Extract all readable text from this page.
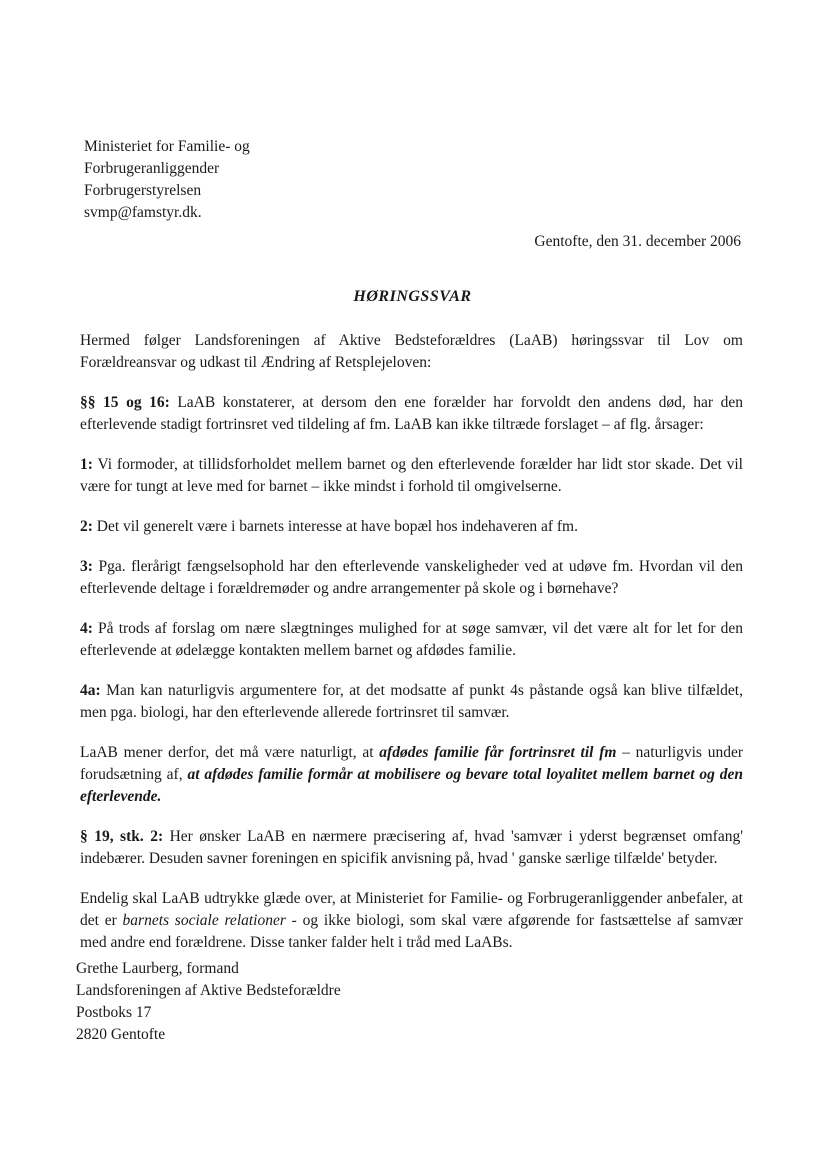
Ministeriet for Familie- og
Forbrugeranliggender
Forbrugerstyrelsen
svmp@famstyr.dk.
Gentofte, den 31. december 2006
HØRINGSSVAR

Hermed følger Landsforeningen af Aktive Bedsteforældres (LaAB) høringssvar til Lov om Forældreansvar og udkast til Ændring af Retsplejeloven:

§§ 15 og 16: LaAB konstaterer, at dersom den ene forælder har forvoldt den andens død, har den efterlevende stadigt fortrinsret ved tildeling af fm. LaAB kan ikke tiltræde forslaget – af flg. årsager:

1: Vi formoder, at tillidsforholdet mellem barnet og den efterlevende forælder har lidt stor skade. Det vil være for tungt at leve med for barnet – ikke mindst i forhold til omgivelserne.

2: Det vil generelt være i barnets interesse at have bopæl hos indehaveren af fm.

3: Pga. flerårigt fængselsophold har den efterlevende vanskeligheder ved at udøve fm. Hvordan vil den efterlevende deltage i forældremøder og andre arrangementer på skole og i børnehave?

4: På trods af forslag om nære slægtninges mulighed for at søge samvær, vil det være alt for let for den efterlevende at ødelægge kontakten mellem barnet og afdødes familie.

4a: Man kan naturligvis argumentere for, at det modsatte af punkt 4s påstande også kan blive tilfældet, men pga. biologi, har den efterlevende allerede fortrinsret til samvær.

LaAB mener derfor, det må være naturligt, at afdødes familie får fortrinsret til fm – naturligvis under forudsætning af, at afdødes familie formår at mobilisere og bevare total loyalitet mellem barnet og den efterlevende.

§ 19, stk. 2: Her ønsker LaAB en nærmere præcisering af, hvad 'samvær i yderst begrænset omfang' indebærer. Desuden savner foreningen en spicifik anvisning på, hvad ' ganske særlige tilfælde' betyder.

Endelig skal LaAB udtrykke glæde over, at Ministeriet for Familie- og Forbrugeranliggender anbefaler, at det er barnets sociale relationer - og ikke biologi, som skal være afgørende for fastsættelse af samvær med andre end forældrene. Disse tanker falder helt i tråd med LaABs.

Grethe Laurberg, formand
Landsforeningen af Aktive Bedsteforældre
Postboks 17
2820 Gentofte
